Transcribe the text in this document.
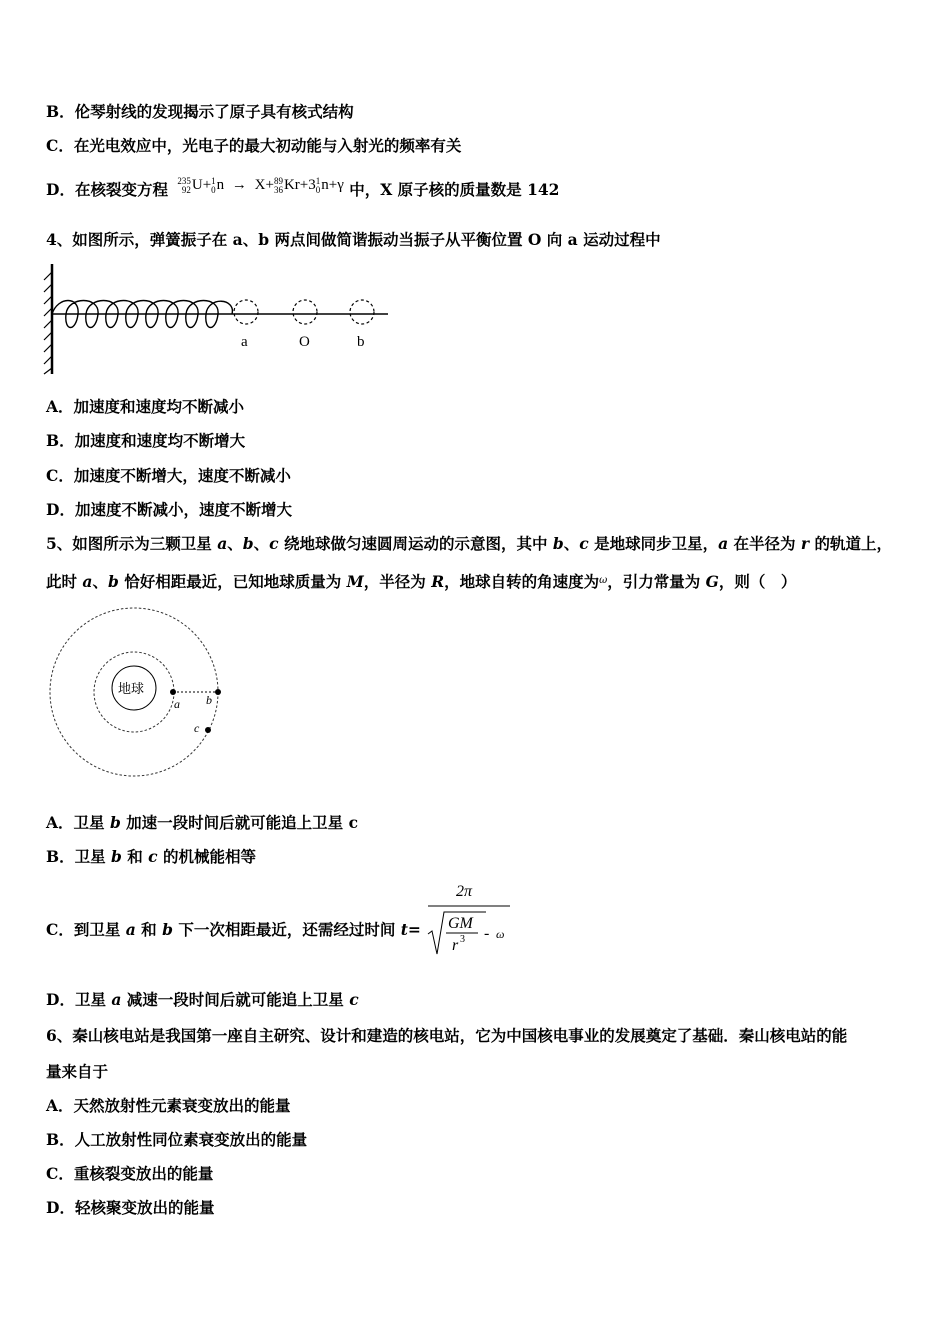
B．伦琴射线的发现揭示了原子具有核式结构
C．在光电效应中，光电子的最大初动能与入射光的频率有关
D．在核裂变方程 235
92 U+ 1
0 n → X+ 89
36 Kr+3 1
0 n+γ 中，X 原子核的质量数是 142
4、如图所示，弹簧振子在 a、b 两点间做简谐振动当振子从平衡位置 O 向 a 运动过程中
a	O	b
A．加速度和速度均不断减小
B．加速度和速度均不断增大
C．加速度不断增大，速度不断减小
D．加速度不断减小，速度不断增大
5、如图所示为三颗卫星 a、b、c 绕地球做匀速圆周运动的示意图，其中 b、c 是地球同步卫星，a 在半径为 r 的轨道上，
此时 a、b 恰好相距最近，已知地球质量为 M，半径为 R，地球自转的角速度为$^\omega$，引力常量为 G，则（　）
地球
a b
c
A．卫星 b 加速一段时间后就可能追上卫星 c
B．卫星 b 和 c 的机械能相等
C．到卫星 a 和 b 下一次相距最近，还需经过时间 t=
2π
GM
r 3 - ω
D．卫星 a 减速一段时间后就可能追上卫星 c
6、秦山核电站是我国第一座自主研究、设计和建造的核电站，它为中国核电事业的发展奠定了基础．秦山核电站的能
量来自于
A．天然放射性元素衰变放出的能量
B．人工放射性同位素衰变放出的能量
C．重核裂变放出的能量
D．轻核聚变放出的能量
